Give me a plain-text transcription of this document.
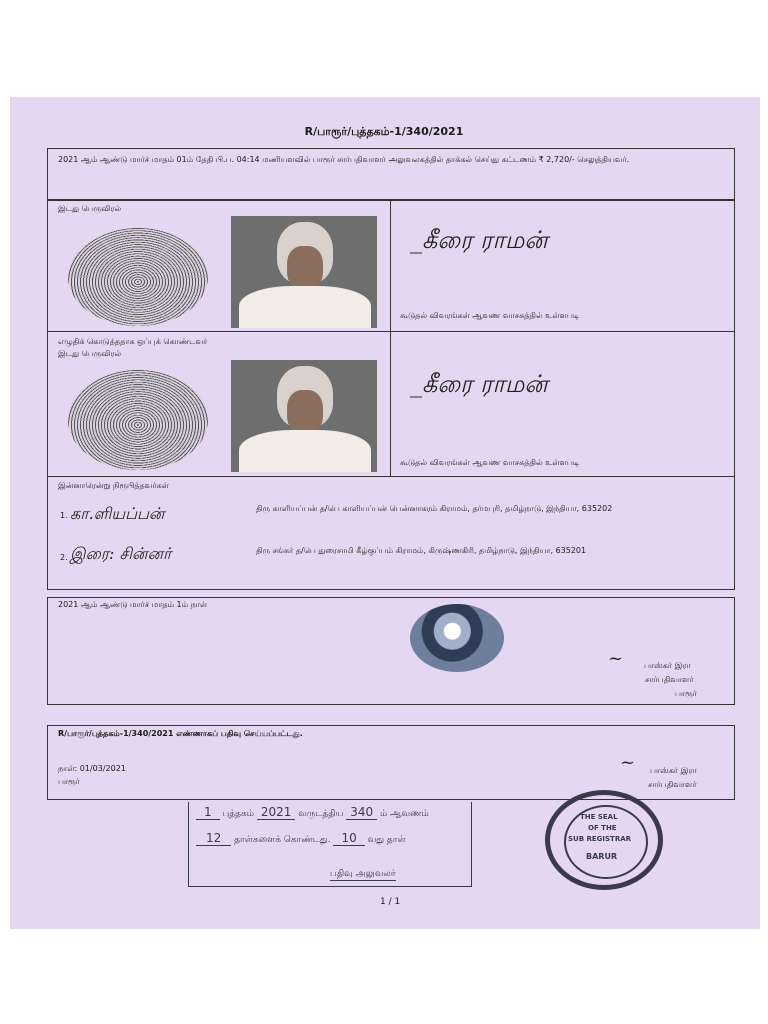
R/பாரூர்/புத்தகம்-1/340/2021
2021 ஆம் ஆண்டு மார்ச் மாதம் 01ம் தேதி பி.ப. 04:14 மணியளவில் பாரூர் சார்பதிவாளர் அலுவலகத்தில் தாக்கல் செய்து கட்டணம் ₹ 2,720/- செலுத்தியவர்.
இடது பெருவிரல்
_கீரை ராமன்
கூடுதல் விவரங்கள் ஆவண வாசகத்தில் உள்ளபடி
எழுதிக் கொடுத்ததாக ஒப்புக் கொண்டவர்
இடது பெருவிரல்
_கீரை ராமன்
கூடுதல் விவரங்கள் ஆவண வாசகத்தில் உள்ளபடி
இன்னாரென்று நிரூபித்தவர்கள்
1. கா.ளியப்பன்	திரு காளியப்பன் த/பெ காளியப்பன் பென்னாகரம் கிராமம், தர்மபுரி, தமிழ்நாடு, இந்தியா, 635202
2. இரை: சின்னர்	திரு சங்கர் த/பெ துரைசாமி கீழ்குப்பம் கிராமம், கிருஷ்ணகிரி, தமிழ்நாடு, இந்தியா, 635201
2021 ஆம் ஆண்டு மார்ச் மாதம் 1ம் நாள்
~	பாஸ்கர் இரா
சார்பதிவாளர்
பாரூர்
R/பாரூர்/புத்தகம்-1/340/2021 எண்ணாகப் பதிவு செய்யப்பட்டது.
நாள்: 01/03/2021
பாரூர்
~ பாஸ்கர் இரா
சார்பதிவாளர்
1 புத்தகம் 2021 வருடத்திய 340 ம் ஆவணம்
12 தாள்களைக் கொண்டது. 10 வது தாள்
பதிவு அலுவலர்
THE SEAL
OF THE
SUB REGISTRAR
BARUR
1 / 1
